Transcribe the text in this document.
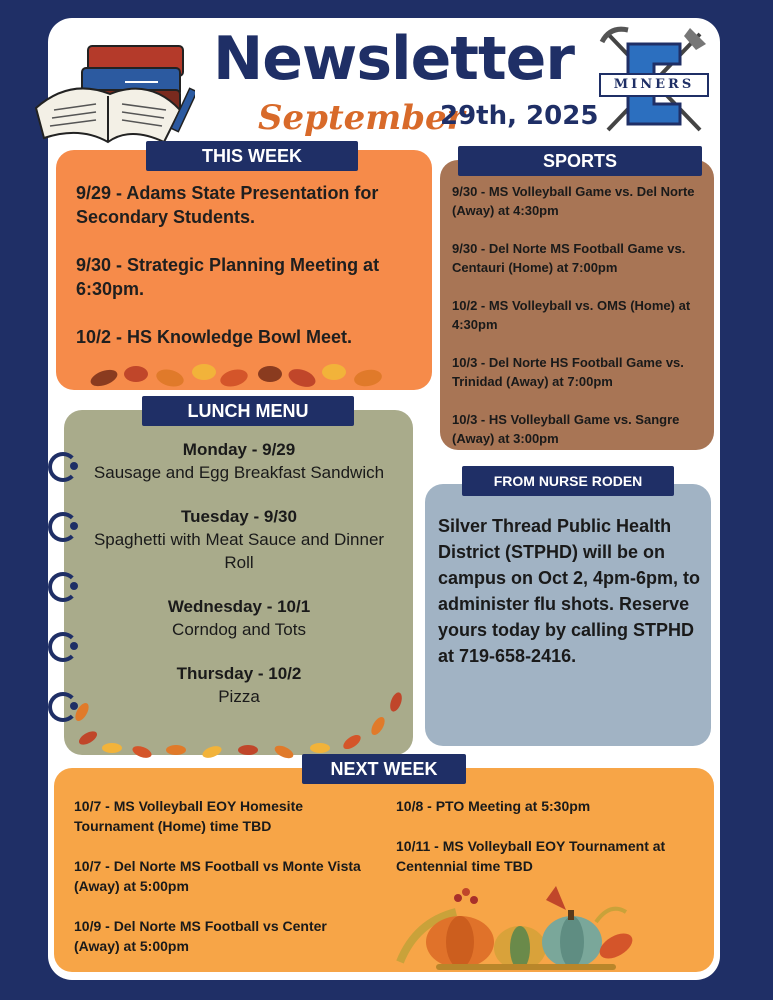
Newsletter
September
29th, 2025
MINERS
THIS WEEK
9/29 - Adams State Presentation for Secondary Students.
9/30 - Strategic Planning Meeting at 6:30pm.
10/2 - HS Knowledge Bowl Meet.
SPORTS
9/30 - MS Volleyball Game vs. Del Norte (Away) at 4:30pm
9/30 - Del Norte MS Football Game vs. Centauri (Home) at 7:00pm
10/2 - MS Volleyball vs. OMS (Home) at 4:30pm
10/3 - Del Norte HS Football Game vs. Trinidad (Away) at 7:00pm
10/3 - HS Volleyball Game vs. Sangre (Away) at 3:00pm
LUNCH MENU
Monday - 9/29
Sausage and Egg Breakfast Sandwich
Tuesday - 9/30
Spaghetti with Meat Sauce and Dinner Roll
Wednesday - 10/1
Corndog and Tots
Thursday - 10/2
Pizza
FROM NURSE RODEN
Silver Thread Public Health District (STPHD) will be on campus on Oct 2, 4pm-6pm, to administer flu shots. Reserve yours today by calling STPHD at 719-658-2416.
NEXT WEEK
10/7 - MS Volleyball EOY Homesite Tournament (Home) time TBD
10/7 - Del Norte MS Football vs Monte Vista (Away) at 5:00pm
10/9 - Del Norte MS Football vs Center (Away) at 5:00pm
10/8 - PTO Meeting at 5:30pm
10/11 - MS Volleyball EOY Tournament at Centennial time TBD
